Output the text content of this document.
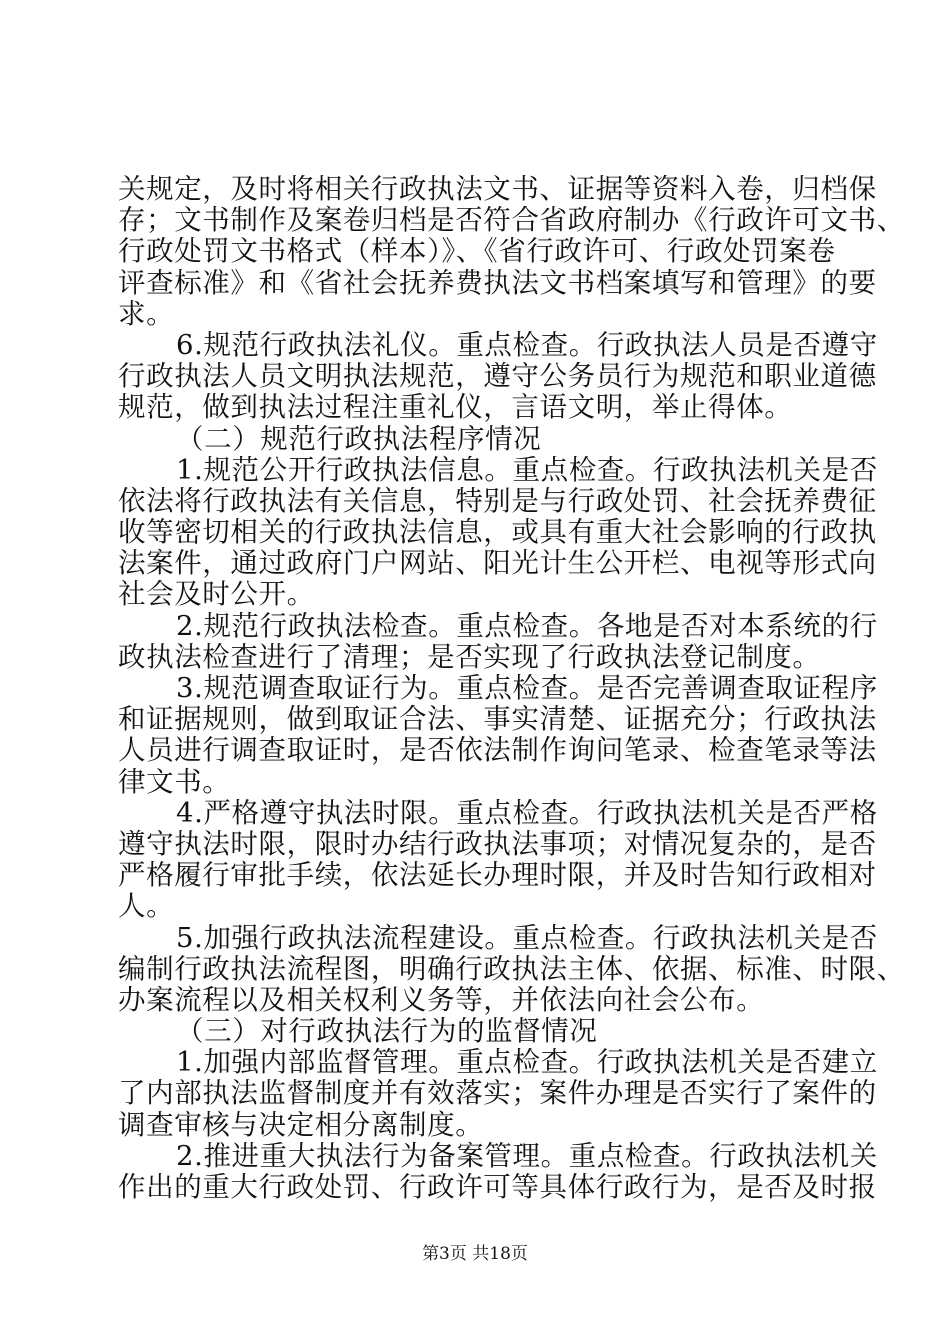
关规定，及时将相关行政执法文书、证据等资料入卷，归档保
存；文书制作及案卷归档是否符合省政府制办《行政许可文书、
行政处罚文书格式（样本）》、《省行政许可、行政处罚案卷
评查标准》和《省社会抚养费执法文书档案填写和管理》的要
求。
6.规范行政执法礼仪。重点检查。行政执法人员是否遵守
行政执法人员文明执法规范，遵守公务员行为规范和职业道德
规范，做到执法过程注重礼仪，言语文明，举止得体。
（二）规范行政执法程序情况
1.规范公开行政执法信息。重点检查。行政执法机关是否
依法将行政执法有关信息，特别是与行政处罚、社会抚养费征
收等密切相关的行政执法信息，或具有重大社会影响的行政执
法案件，通过政府门户网站、阳光计生公开栏、电视等形式向
社会及时公开。
2.规范行政执法检查。重点检查。各地是否对本系统的行
政执法检查进行了清理；是否实现了行政执法登记制度。
3.规范调查取证行为。重点检查。是否完善调查取证程序
和证据规则，做到取证合法、事实清楚、证据充分；行政执法
人员进行调查取证时，是否依法制作询问笔录、检查笔录等法
律文书。
4.严格遵守执法时限。重点检查。行政执法机关是否严格
遵守执法时限，限时办结行政执法事项；对情况复杂的，是否
严格履行审批手续，依法延长办理时限，并及时告知行政相对
人。
5.加强行政执法流程建设。重点检查。行政执法机关是否
编制行政执法流程图，明确行政执法主体、依据、标准、时限、
办案流程以及相关权利义务等，并依法向社会公布。
（三）对行政执法行为的监督情况
1.加强内部监督管理。重点检查。行政执法机关是否建立
了内部执法监督制度并有效落实；案件办理是否实行了案件的
调查审核与决定相分离制度。
2.推进重大执法行为备案管理。重点检查。行政执法机关
作出的重大行政处罚、行政许可等具体行政行为，是否及时报
第3页 共18页
